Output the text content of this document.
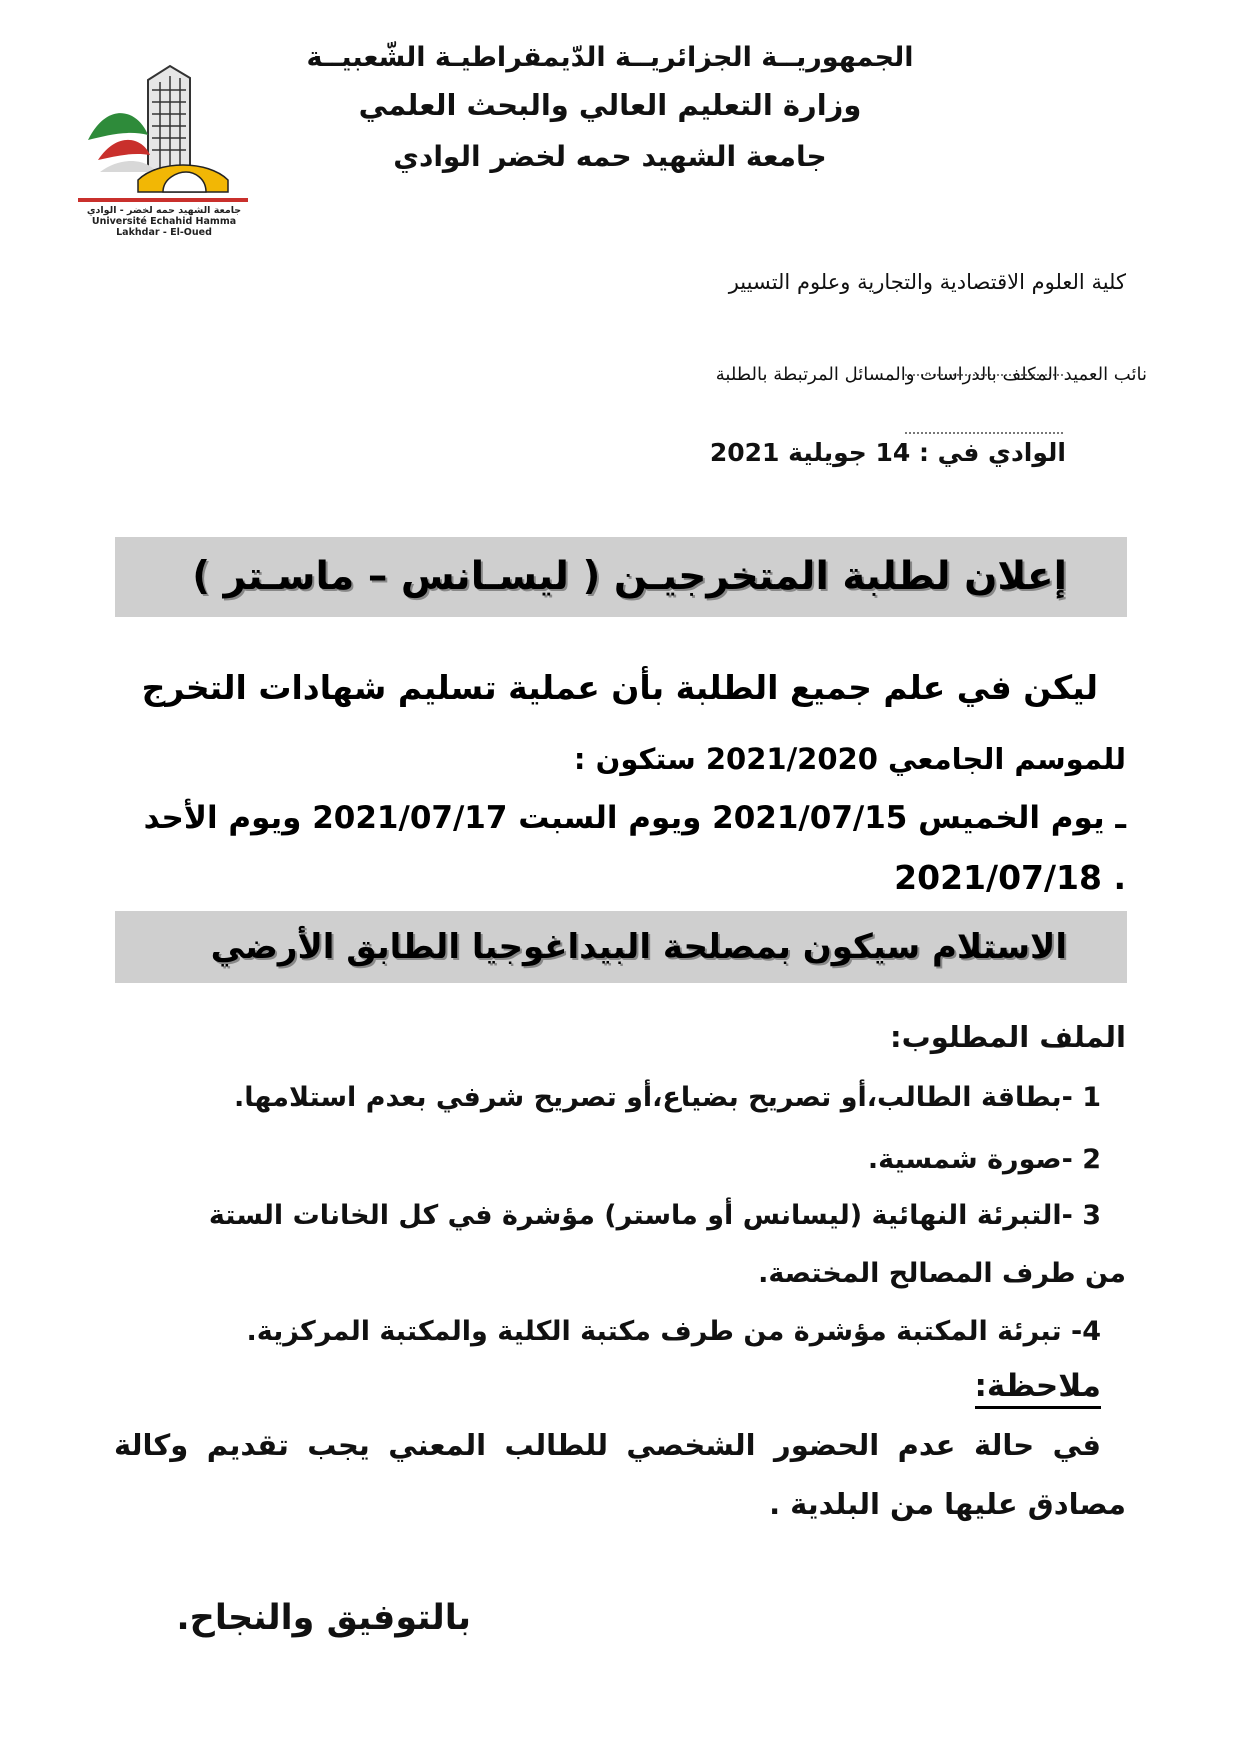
الجمهوريــة الجزائريــة الدّيمقراطيـة الشّعبيــة
وزارة التعليم العالي والبحث العلمي
جامعة الشهيد حمه لخضر الوادي
جامعة الشهيد حمه لخضر - الوادي
Université Echahid Hamma Lakhdar - El-Oued
كلية العلوم الاقتصادية والتجارية وعلوم التسيير
نائب العميد المكلف بالدراسات والمسائل المرتبطة بالطلبة
الوادي في : 14 جويلية 2021
إعلان لطلبة المتخرجيـن ( ليسـانس – ماسـتر )
ليكن في علم جميع الطلبة بأن عملية تسليم شهادات التخرج
للموسم الجامعي 2021/2020 ستكون :
ـ يوم الخميس 2021/07/15 ويوم السبت 2021/07/17 ويوم الأحد
2021/07/18 .
الاستلام سيكون بمصلحة البيداغوجيا الطابق الأرضي
الملف المطلوب:
1 -بطاقة الطالب،أو تصريح بضياع،أو تصريح شرفي بعدم استلامها.
2 -صورة شمسية.
3 -التبرئة النهائية (ليسانس أو ماستر) مؤشرة في كل الخانات الستة
من طرف المصالح المختصة.
4- تبرئة المكتبة مؤشرة من طرف مكتبة الكلية والمكتبة المركزية.
ملاحظة:
في حالة عدم الحضور الشخصي للطالب المعني يجب تقديم وكالة
مصادق عليها من البلدية .
بالتوفيق والنجاح.
